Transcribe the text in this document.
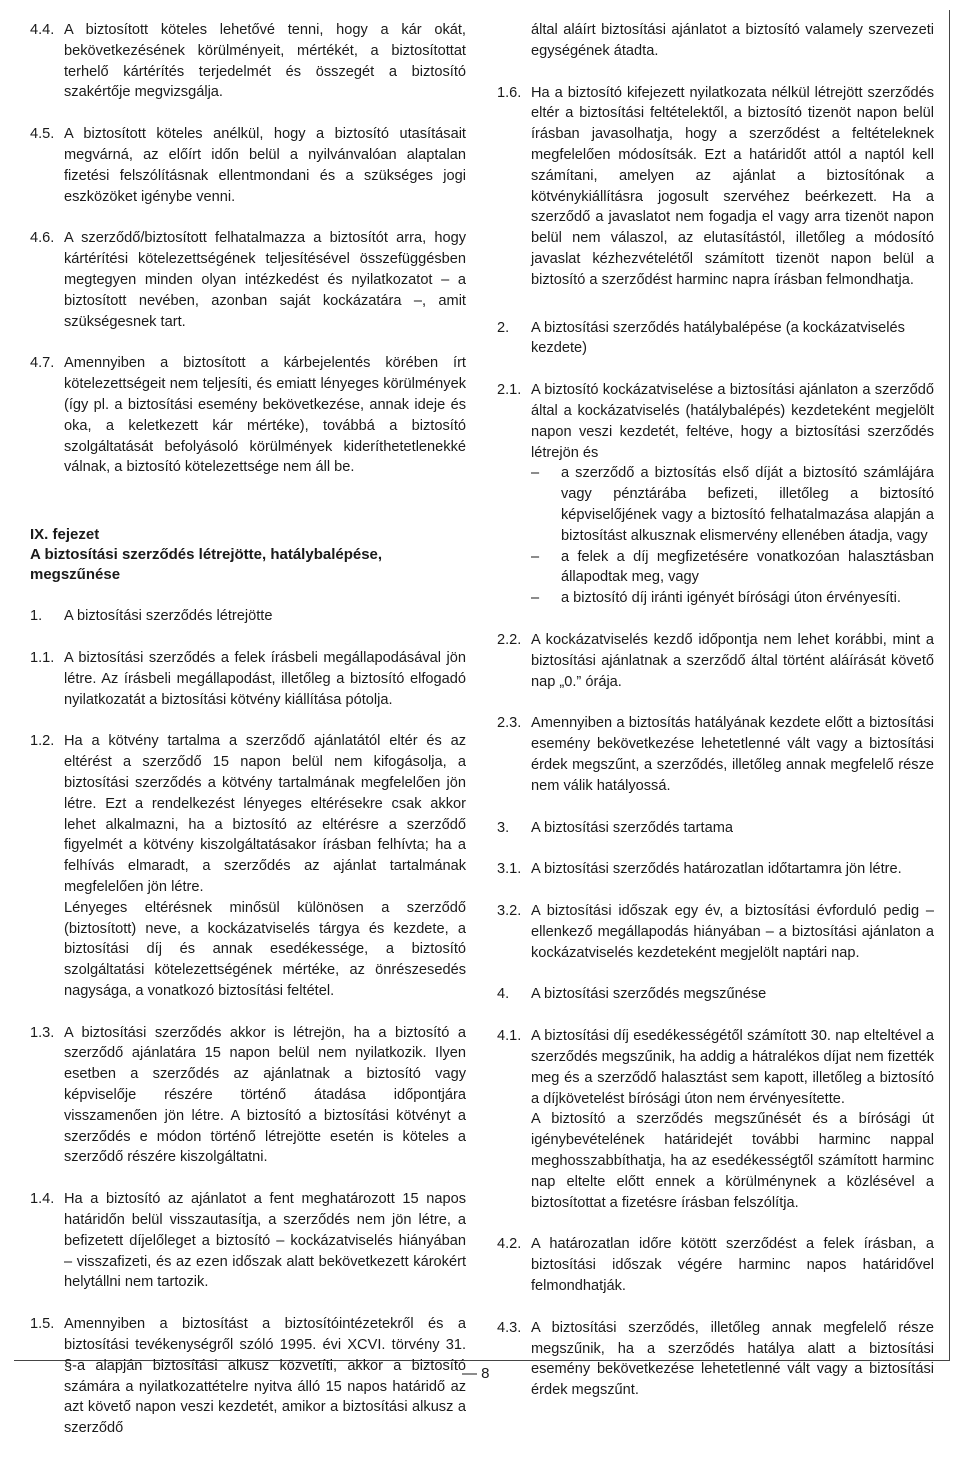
4.4. A biztosított köteles lehetővé tenni, hogy a kár okát, bekövetkezésének körülményeit, mértékét, a biztosítottat terhelő kártérítés terjedelmét és összegét a biztosító szakértője megvizsgálja.
4.5. A biztosított köteles anélkül, hogy a biztosító utasításait megvárná, az előírt időn belül a nyilvánvalóan alaptalan fizetési felszólításnak ellentmondani és a szükséges jogi eszközöket igénybe venni.
4.6. A szerződő/biztosított felhatalmazza a biztosítót arra, hogy kártérítési kötelezettségének teljesítésével összefüggésben megtegyen minden olyan intézkedést és nyilatkozatot – a biztosított nevében, azonban saját kockázatára –, amit szükségesnek tart.
4.7. Amennyiben a biztosított a kárbejelentés körében írt kötelezettségeit nem teljesíti, és emiatt lényeges körülmények (így pl. a biztosítási esemény bekövetkezése, annak ideje és oka, a keletkezett kár mértéke), továbbá a biztosító szolgáltatását befolyásoló körülmények kideríthetetlenekké válnak, a biztosító kötelezettsége nem áll be.
IX. fejezet
A biztosítási szerződés létrejötte, hatálybalépése, megszűnése
1.	A biztosítási szerződés létrejötte
1.1. A biztosítási szerződés a felek írásbeli megállapodásával jön létre. Az írásbeli megállapodást, illetőleg a biztosító elfogadó nyilatkozatát a biztosítási kötvény kiállítása pótolja.
1.2. Ha a kötvény tartalma a szerződő ajánlatától eltér és az eltérést a szerződő 15 napon belül nem kifogásolja, a biztosítási szerződés a kötvény tartalmának megfelelően jön létre. Ezt a rendelkezést lényeges eltérésekre csak akkor lehet alkalmazni, ha a biztosító az eltérésre a szerződő figyelmét a kötvény kiszolgáltatásakor írásban felhívta; ha a felhívás elmaradt, a szerződés az ajánlat tartalmának megfelelően jön létre.

Lényeges eltérésnek minősül különösen a szerződő (biztosított) neve, a kockázatviselés tárgya és kezdete, a biztosítási díj és annak esedékessége, a biztosító szolgáltatási kötelezettségének mértéke, az önrészesedés nagysága, a vonatkozó biztosítási feltétel.

1.3. A biztosítási szerződés akkor is létrejön, ha a biztosító a szerződő ajánlatára 15 napon belül nem nyilatkozik. Ilyen esetben a szerződés az ajánlatnak a biztosító vagy képviselője részére történő átadása időpontjára visszamenően jön létre. A biztosító a biztosítási kötvényt a szerződés e módon történő létrejötte esetén is köteles a szerződő részére kiszolgáltatni.
1.4. Ha a biztosító az ajánlatot a fent meghatározott 15 napos határidőn belül visszautasítja, a szerződés nem jön létre, a befizetett díjelőleget a biztosító – kockázatviselés hiányában – visszafizeti, és az ezen időszak alatt bekövetkezett károkért helytállni nem tartozik.
1.5. Amennyiben a biztosítást a biztosítóintézetekről és a biztosítási tevékenységről szóló 1995. évi XCVI. törvény 31. §-a alapján biztosítási alkusz közvetíti, akkor a biztosító számára a nyilatkozattételre nyitva álló 15 napos határidő az azt követő napon veszi kezdetét, amikor a biztosítási alkusz a szerződő
által aláírt biztosítási ajánlatot a biztosító valamely szervezeti egységének átadta.
1.6. Ha a biztosító kifejezett nyilatkozata nélkül létrejött szerződés eltér a biztosítási feltételektől, a biztosító tizenöt napon belül írásban javasolhatja, hogy a szerződést a feltételeknek megfelelően módosítsák. Ezt a határidőt attól a naptól kell számítani, amelyen az ajánlat a biztosítónak a kötvénykiállításra jogosult szervéhez beérkezett. Ha a szerződő a javaslatot nem fogadja el vagy arra tizenöt napon belül nem válaszol, az elutasítástól, illetőleg a módosító javaslat kézhezvételétől számított tizenöt napon belül a biztosító a szerződést harminc napra írásban felmondhatja.
2.	A biztosítási szerződés hatálybalépése (a kockázatviselés kezdete)
2.1. A biztosító kockázatviselése a biztosítási ajánlaton a szerződő által a kockázatviselés (hatálybalépés) kezdeteként megjelölt napon veszi kezdetét, feltéve, hogy a biztosítási szerződés létrejön és

–	a szerződő a biztosítás első díját a biztosító számlájára vagy pénztárába befizeti, illetőleg a biztosító képviselőjének vagy a biztosító felhatalmazása alapján a biztosítást alkusznak elismervény ellenében átadja, vagy
–	a felek a díj megfizetésére vonatkozóan halasztásban állapodtak meg, vagy
–	a biztosító díj iránti igényét bírósági úton érvényesíti.
2.2. A kockázatviselés kezdő időpontja nem lehet korábbi, mint a biztosítási ajánlatnak a szerződő által történt aláírását követő nap „0.” órája.
2.3. Amennyiben a biztosítás hatályának kezdete előtt a biztosítási esemény bekövetkezése lehetetlenné vált vagy a biztosítási érdek megszűnt, a szerződés, illetőleg annak megfelelő része nem válik hatályossá.
3.	A biztosítási szerződés tartama
3.1. A biztosítási szerződés határozatlan időtartamra jön létre.
3.2. A biztosítási időszak egy év, a biztosítási évforduló pedig – ellenkező megállapodás hiányában – a biztosítási ajánlaton a kockázatviselés kezdeteként megjelölt naptári nap.
4.	A biztosítási szerződés megszűnése
4.1. A biztosítási díj esedékességétől számított 30. nap elteltével a szerződés megszűnik, ha addig a hátralékos díjat nem fizették meg és a szerződő halasztást sem kapott, illetőleg a biztosító a díjkövetelést bírósági úton nem érvényesítette.

A biztosító a szerződés megszűnését és a bírósági út igénybevételének határidejét további harminc nappal meghosszabbíthatja, ha az esedékességtől számított harminc nap eltelte előtt ennek a körülménynek a közlésével a biztosítottat a fizetésre írásban felszólítja.

4.2. A határozatlan időre kötött szerződést a felek írásban, a biztosítási időszak végére harminc napos határidővel felmondhatják.
4.3. A biztosítási szerződés, illetőleg annak megfelelő része megszűnik, ha a szerződés hatálya alatt a biztosítási esemény bekövetkezése lehetetlenné vált vagy a biztosítási érdek megszűnt.
— 8
